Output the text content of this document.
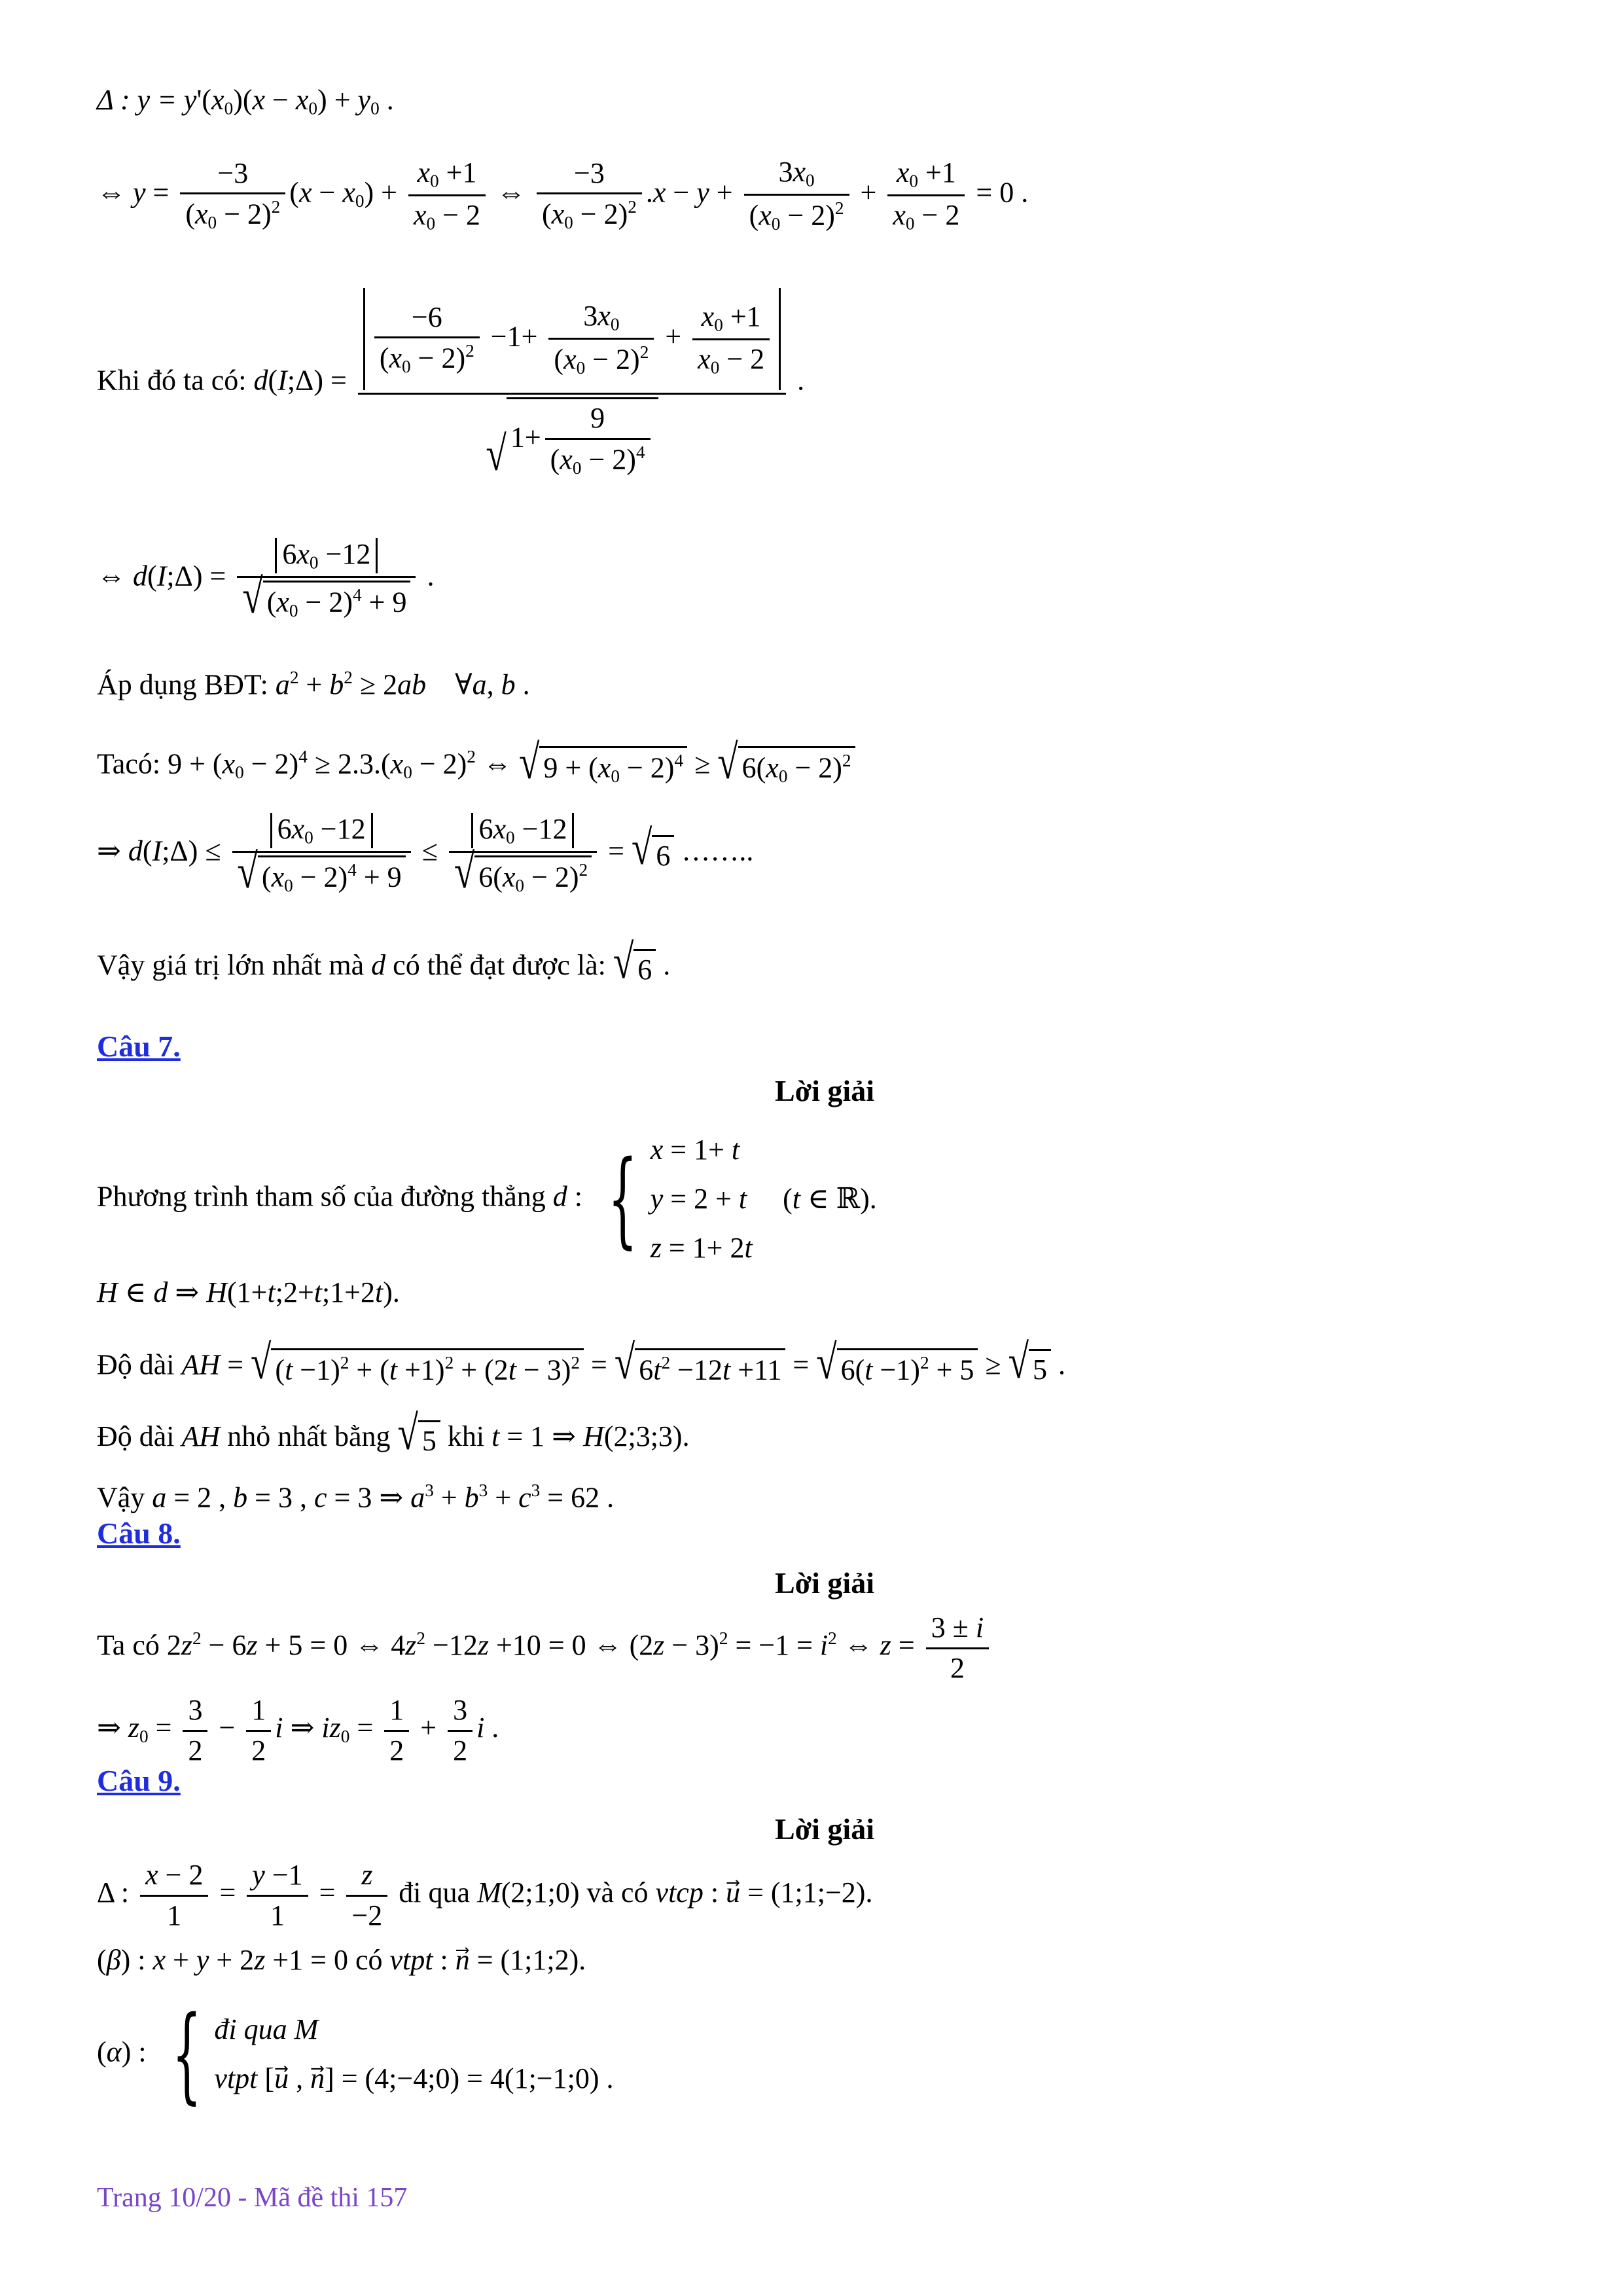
Δ : $y = y'(x_0)(x - x_0) + y_0$ .
⇔ $y = \frac{-3}{(x_0 - 2)^2} (x - x_0) + \frac{x_0 +1}{x_0 - 2}$ ⇔ $\frac{-3}{(x_0 - 2)^2} .x - y + \frac{3x_0}{(x_0 - 2)^2} + \frac{x_0 +1}{x_0 - 2} = 0$ .
Khi đó ta có: d(I;Δ) = $\frac{\frac{-6}{(x_0 - 2)^2} -1+ \frac{3x_0}{(x_0 - 2)^2} + \frac{x_0 +1}{x_0 - 2}}{√ 1+ \frac{9}{(x_0 - 2)^4}}$ .
⇔ d(I;Δ) = $\frac{6x_0 -12}{√ (x_0 - 2)^4 + 9}$ .
Áp dụng BĐT: $a^2 + b^2 \ge 2ab$    ∀a, b .
Tacó: $9 + (x_0 - 2)^4 \ge 2.3.(x_0 - 2)^2$ ⇔ √ $9 + (x_0 - 2)^4$ ≥ √ $6(x_0 - 2)^2$
⇒ d(I;Δ) ≤ $\frac{6x_0 -12}{√ (x_0 - 2)^4 + 9} \le \frac{6x_0 -12}{√ 6(x_0 - 2)^2}$ = √ 6 ……..
Vậy giá trị lớn nhất mà d có thể đạt được là: √ 6 .
Câu 7.
Lời giải
Phương trình tham số của đường thẳng d : { x = 1+ t
y = 2 + t     (t ∈ ℝ).
z = 1+ 2t
H ∈ d ⇒ H(1+t;2+t;1+2t).
Độ dài AH = √ $(t -1)^2 + (t +1)^2 + (2t - 3)^2$ = √ $6t^2 -12t +11$ = √ $6(t -1)^2 + 5$ ≥ √ 5 .
Độ dài AH nhỏ nhất bằng √ 5 khi t = 1 ⇒ H(2;3;3).
Vậy a = 2 , b = 3 , c = 3 ⇒ $a^3 + b^3 + c^3 = 62$ .
Câu 8.
Lời giải
Ta có $2z^2 - 6z + 5 = 0$ ⇔ $4z^2 -12z +10 = 0$ ⇔ $(2z - 3)^2 = -1 = i^2$ ⇔ $z = \frac{3 \pm i}{2}$
⇒ $z_0 = \frac{3}{2} - \frac{1}{2}$ i ⇒ $iz_0 = \frac{1}{2} + \frac{3}{2}$ i .
Câu 9.
Lời giải
Δ : $\frac{x - 2}{1} = \frac{y -1}{1} = \frac{z}{-2}$ đi qua M(2;1;0) và có vtcp : u⃗ = (1;1;−2).
(β) : x + y + 2z +1 = 0 có vtpt : n⃗ = (1;1;2).
(α) : { đi qua M
vtpt [u⃗ , n⃗] = (4;−4;0) = 4(1;−1;0) .
Trang 10/20 - Mã đề thi 157
